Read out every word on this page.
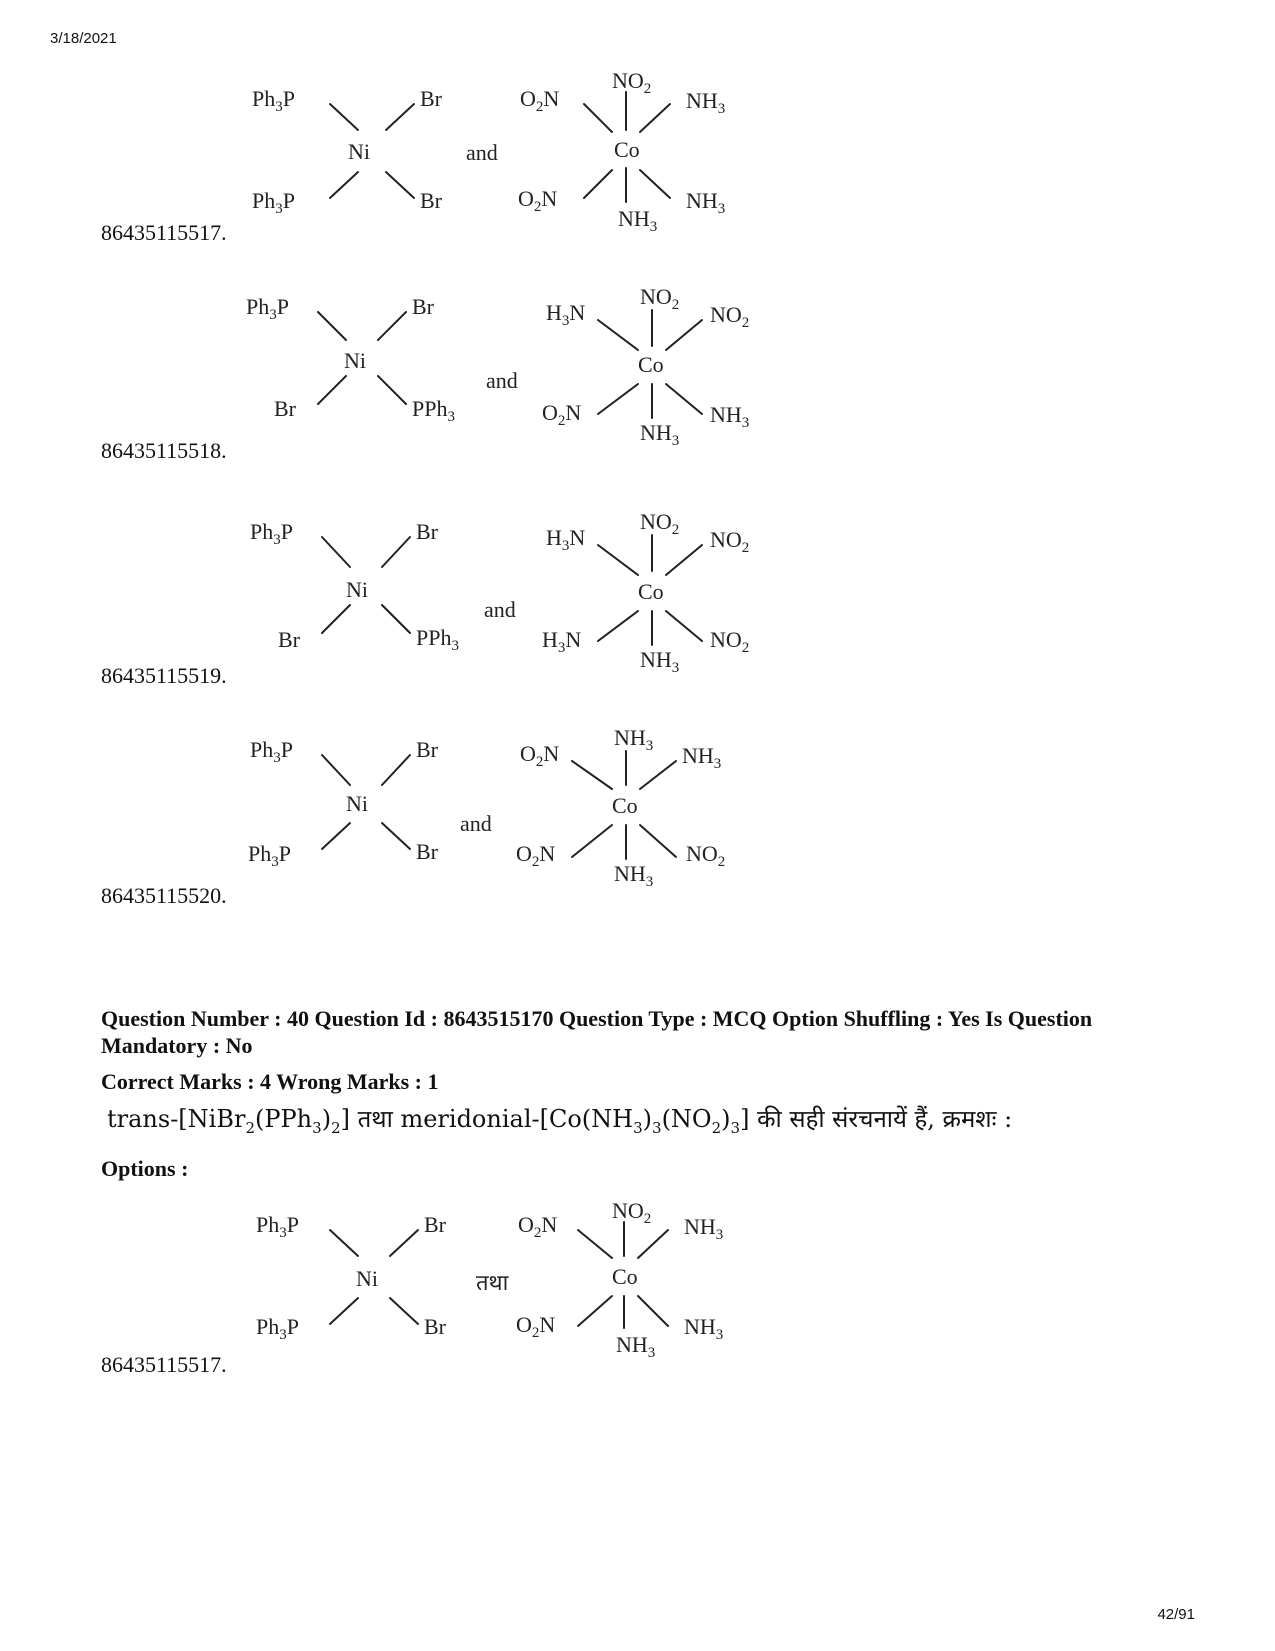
3/18/2021
86435115517.
Ph3P	Br
Ph3P	Br
Ni	and
NO2
O2N	NH3
O2N	NH3
NH3
Co
86435115518.
Ph3P	Br
Br	PPh3
Ni
and
NO2
H3N	NO2
O2N	NH3
NH3
Co
86435115519.
Ph3P	Br
Br	PPh3
Ni
and
NO2
H3N	NO2
H3N	NO2
NH3
Co
86435115520.
Ph3P	Br
Ph3P	Br
Ni
and
NH3
O2N	NH3
O2N	NO2
NH3
Co
Question Number : 40 Question Id : 8643515170 Question Type : MCQ Option Shuffling : Yes Is Question Mandatory : No
Correct Marks : 4 Wrong Marks : 1
trans-$[NiBr_2(PPh_3)_2]$ तथा meridonial-$[Co(NH_3)_3(NO_2)_3]$ की सही संरचनायें हैं, क्रमशः :
Options :
86435115517.
Ph3P	Br
Ph3P	Br
Ni	तथा
NO2
O2N	NH3
O2N	NH3
NH3
Co
42/91
